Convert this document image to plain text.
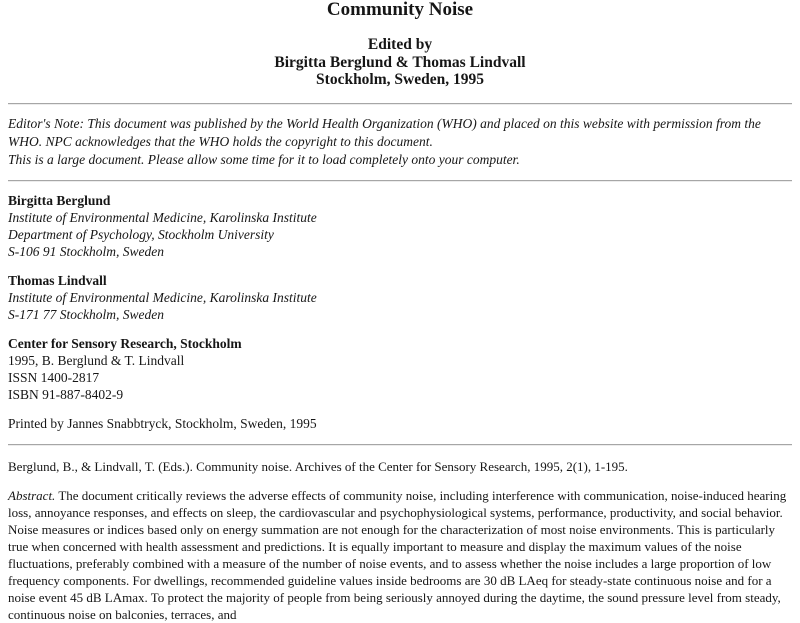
Community Noise
Edited by
Birgitta Berglund & Thomas Lindvall
Stockholm, Sweden, 1995
Editor's Note: This document was published by the World Health Organization (WHO) and placed on this website with permission from the WHO. NPC acknowledges that the WHO holds the copyright to this document.
This is a large document. Please allow some time for it to load completely onto your computer.

Birgitta Berglund
Institute of Environmental Medicine, Karolinska Institute
Department of Psychology, Stockholm University
S-106 91 Stockholm, Sweden

Thomas Lindvall
Institute of Environmental Medicine, Karolinska Institute
S-171 77 Stockholm, Sweden

Center for Sensory Research, Stockholm
1995, B. Berglund & T. Lindvall
ISSN 1400-2817
ISBN 91-887-8402-9

Printed by Jannes Snabbtryck, Stockholm, Sweden, 1995

Berglund, B., & Lindvall, T. (Eds.). Community noise. Archives of the Center for Sensory Research, 1995, 2(1), 1-195.

Abstract. The document critically reviews the adverse effects of community noise, including interference with communication, noise-induced hearing loss, annoyance responses, and effects on sleep, the cardiovascular and psychophysiological systems, performance, productivity, and social behavior. Noise measures or indices based only on energy summation are not enough for the characterization of most noise environments. This is particularly true when concerned with health assessment and predictions. It is equally important to measure and display the maximum values of the noise fluctuations, preferably combined with a measure of the number of noise events, and to assess whether the noise includes a large proportion of low frequency components. For dwellings, recommended guideline values inside bedrooms are 30 dB LAeq for steady-state continuous noise and for a noise event 45 dB LAmax. To protect the majority of people from being seriously annoyed during the daytime, the sound pressure level from steady, continuous noise on balconies, terraces, and
